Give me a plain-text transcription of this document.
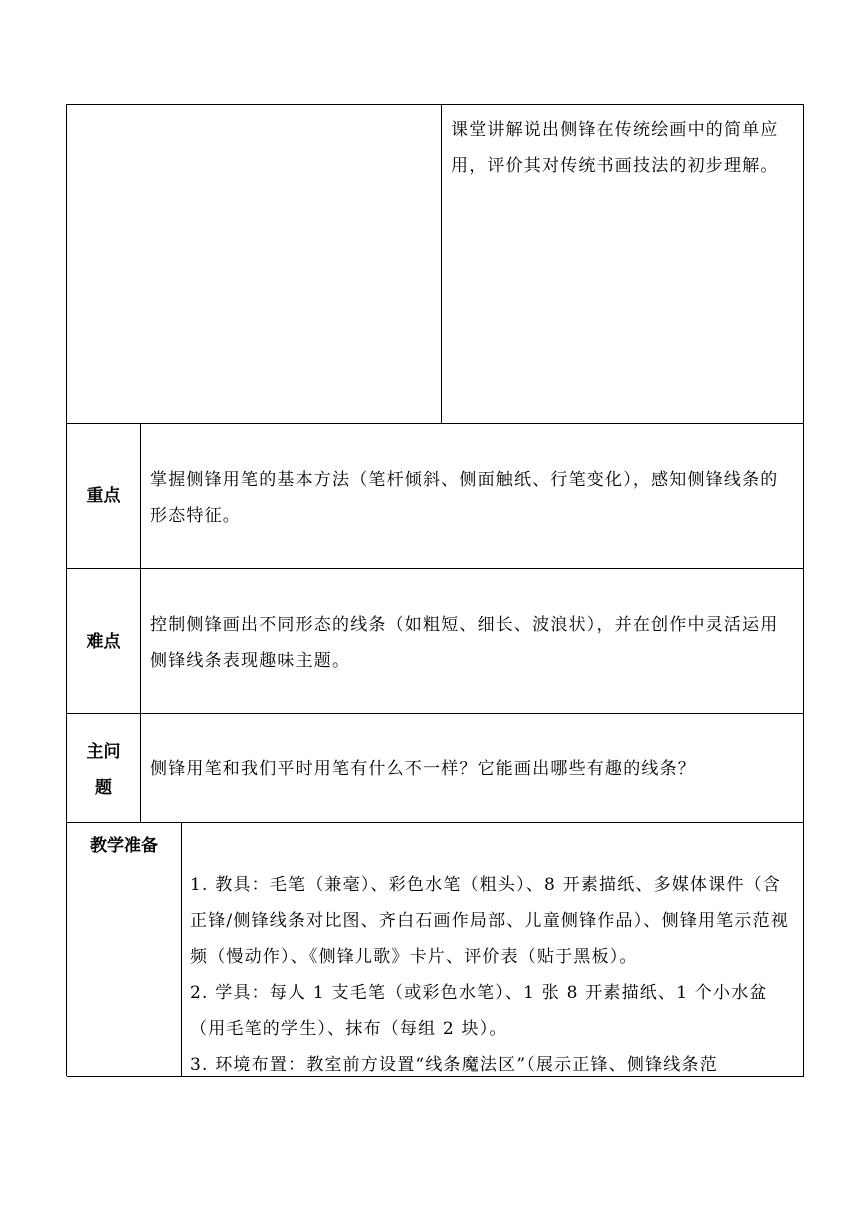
课堂讲解说出侧锋在传统绘画中的简单应用，评价其对传统书画技法的初步理解。

重点

掌握侧锋用笔的基本方法（笔杆倾斜、侧面触纸、行笔变化），感知侧锋线条的形态特征。

难点

控制侧锋画出不同形态的线条（如粗短、细长、波浪状），并在创作中灵活运用侧锋线条表现趣味主题。

主问
题

侧锋用笔和我们平时用笔有什么不一样？它能画出哪些有趣的线条？

教学准备

1. 教具：毛笔（兼毫）、彩色水笔（粗头）、8 开素描纸、多媒体课件（含正锋/侧锋线条对比图、齐白石画作局部、儿童侧锋作品）、侧锋用笔示范视频（慢动作）、《侧锋儿歌》卡片、评价表（贴于黑板）。

2. 学具：每人 1 支毛笔（或彩色水笔）、1 张 8 开素描纸、1 个小水盆（用毛笔的学生）、抹布（每组 2 块）。

3. 环境布置：教室前方设置“线条魔法区”（展示正锋、侧锋线条范
